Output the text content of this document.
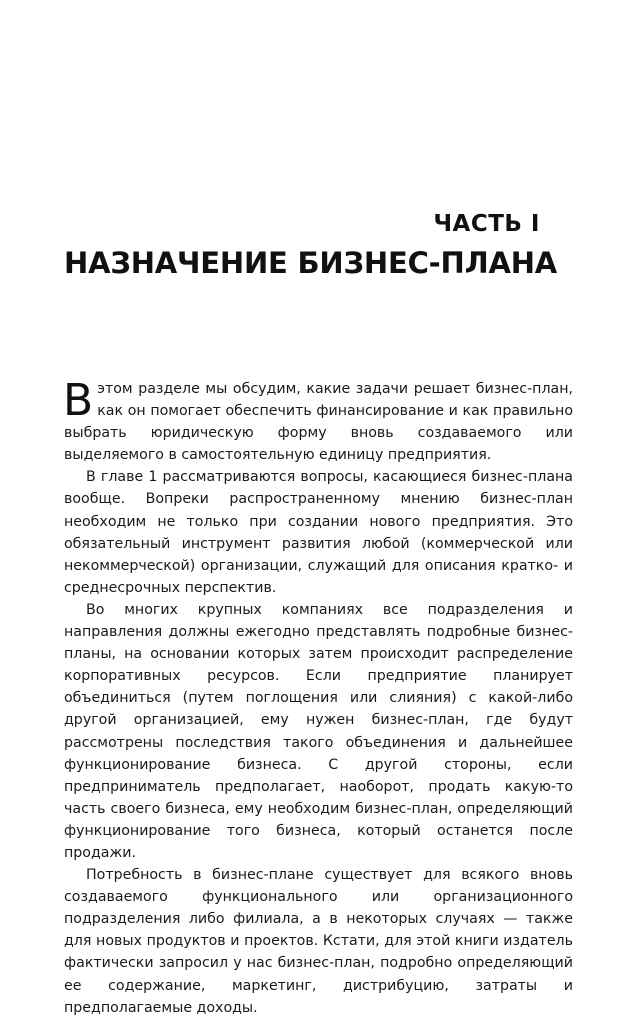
ЧАСТЬ I
НАЗНАЧЕНИЕ БИЗНЕС-ПЛАНА

Вэтом разделе мы обсудим, какие задачи решает бизнес-план, как он помогает обеспечить финансирование и как правильно выбрать юридическую форму вновь создаваемого или выделяемого в самостоятельную единицу предприятия.

В главе 1 рассматриваются вопросы, касающиеся бизнес-плана вообще. Вопреки распространенному мнению бизнес-план необходим не только при создании нового предприятия. Это обязательный инструмент развития любой (коммерческой или некоммерческой) организации, служащий для описания кратко- и среднесрочных перспектив.

Во многих крупных компаниях все подразделения и направления должны ежегодно представлять подробные бизнес-планы, на основании которых затем происходит распределение корпоративных ресурсов. Если предприятие планирует объединиться (путем поглощения или слияния) с какой-либо другой организацией, ему нужен бизнес-план, где будут рассмотрены последствия такого объединения и дальнейшее функционирование бизнеса. С другой стороны, если предприниматель предполагает, наоборот, продать какую-то часть своего бизнеса, ему необходим бизнес-план, определяющий функционирование того бизнеса, который останется после продажи.

Потребность в бизнес-плане существует для всякого вновь создаваемого функционального или организационного подразделения либо филиала, а в некоторых случаях — также для новых продуктов и проектов. Кстати, для этой книги издатель фактически запросил у нас бизнес-план, подробно определяющий ее содержание, маркетинг, дистрибуцию, затраты и предполагаемые доходы.
